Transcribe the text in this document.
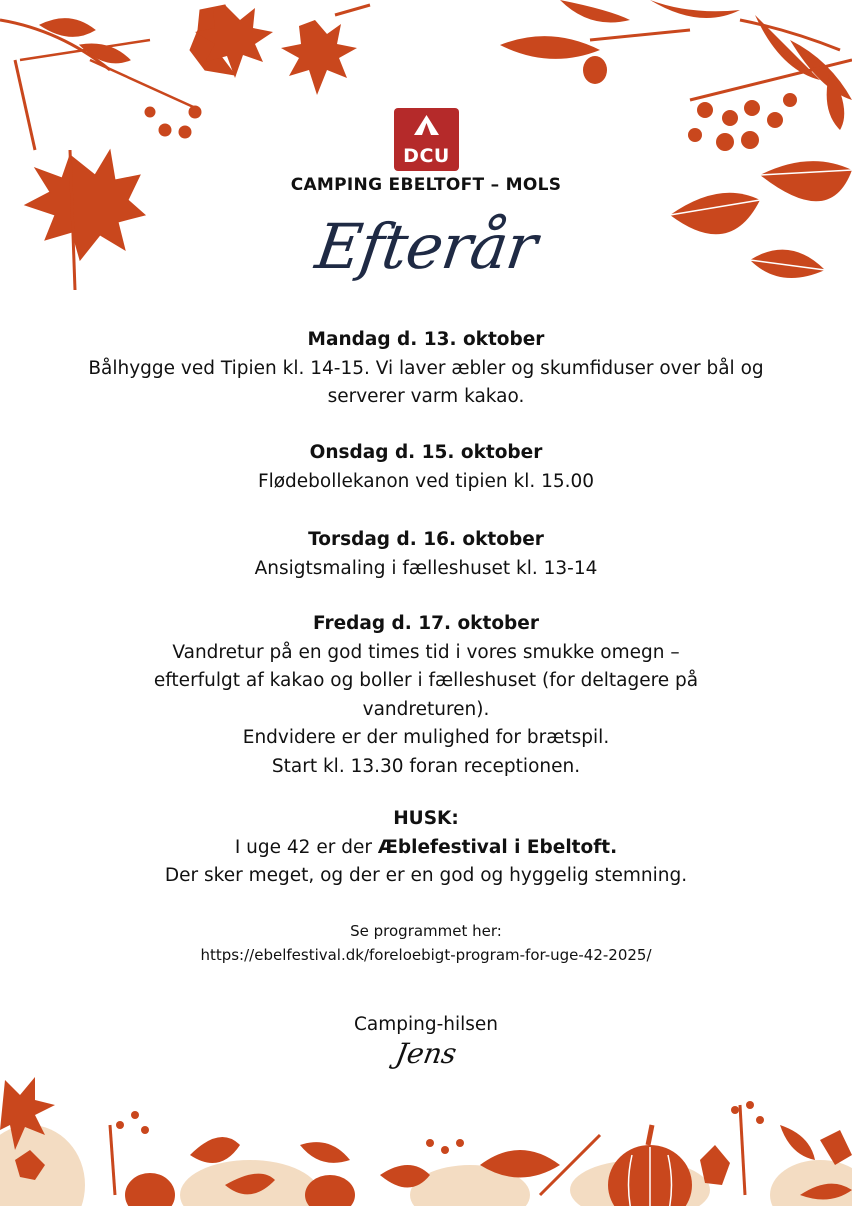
DCU
CAMPING EBELTOFT – MOLS
Efterår
Mandag d. 13. oktober
Bålhygge ved Tipien kl. 14-15. Vi laver æbler og skumfiduser over bål og
serverer varm kakao.
Onsdag d. 15. oktober
Flødebollekanon ved tipien kl. 15.00
Torsdag d. 16. oktober
Ansigtsmaling i fælleshuset kl. 13-14
Fredag d. 17. oktober
Vandretur på en god times tid i vores smukke omegn –
efterfulgt af kakao og boller i fælleshuset (for deltagere på
vandreturen).
Endvidere er der mulighed for brætspil.
Start kl. 13.30 foran receptionen.
HUSK:
I uge 42 er der Æblefestival i Ebeltoft.
Der sker meget, og der er en god og hyggelig stemning.
Se programmet her:
https://ebelfestival.dk/foreloebigt-program-for-uge-42-2025/
Camping-hilsen
Jens
